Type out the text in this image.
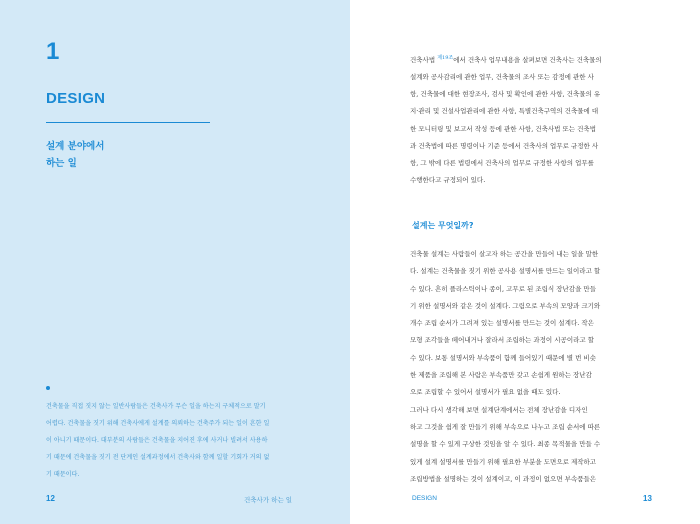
1
DESIGN
설계 분야에서
하는 일
건축물을 직접 짓지 않는 일반사람들은 건축사가 무슨 일을 하는지 구체적으로 말기
어렵다. 건축물을 짓기 위해 건축사에게 설계를 의뢰하는 건축주가 되는 일이 흔한 일
이 아니기 때문이다. 대부분의 사람들은 건축물을 지어진 후에 사거나 빌려서 사용하
기 때문에 건축물을 짓기 전 단계인 설계과정에서 건축사와 함께 일할 기회가 거의 없
기 때문이다.
12	건축사가 하는 일
건축사법 $^{제19조}$에서 건축사 업무내용을 살펴보면 건축사는 건축물의
설계와 공사감리에 관한 업무, 건축물의 조사 또는 감정에 관한 사
항, 건축물에 대한 현장조사, 검사 및 확인에 관한 사항, 건축물의 유
지·관리 및 건설사업관리에 관한 사항, 특별건축구역의 건축물에 대
한 모니터링 및 보고서 작성 등에 관한 사항, 건축사법 또는 건축법
과 건축법에 따른 명령이나 기준 등에서 건축사의 업무로 규정한 사
항, 그 밖에 다른 법령에서 건축사의 업무로 규정한 사항의 업무를
수행한다고 규정되어 있다.
설계는 무엇일까?
건축물 설계는 사람들이 살고자 하는 공간을 만들어 내는 일을 말한
다. 설계는 건축물을 짓기 위한 공사용 설명서를 만드는 일이라고 할
수 있다. 흔히 플라스틱이나 종이, 고무로 된 조립식 장난감을 만들
기 위한 설명서와 같은 것이 설계다. 그림으로 부속의 모양과 크기와
개수 조립 순서가 그려져 있는 설명서를 만드는 것이 설계다. 작은
모형 조각들을 떼어내거나 잘라서 조립하는 과정이 시공이라고 할
수 있다. 보통 설명서와 부속품이 함께 들어있기 때문에 별 번 비슷
한 제품을 조립해 본 사람은 부속품만 갖고 손쉽게 원하는 장난감
으로 조립할 수 있어서 설명서가 필요 없을 때도 있다.
그러나 다시 생각해 보면 설계단계에서는 전체 장난감을 디자인
하고 그것을 쉽게 잘 만들기 위해 부속으로 나누고 조립 순서에 따른
설명을 할 수 있게 구상한 것임을 알 수 있다. 최종 목적물을 만들 수
있게 설계 설명서를 만들기 위해 필요한 부분을 도면으로 제작하고
조립방법을 설명하는 것이 설계이고, 이 과정이 없으면 부속품들은
DESIGN	13
